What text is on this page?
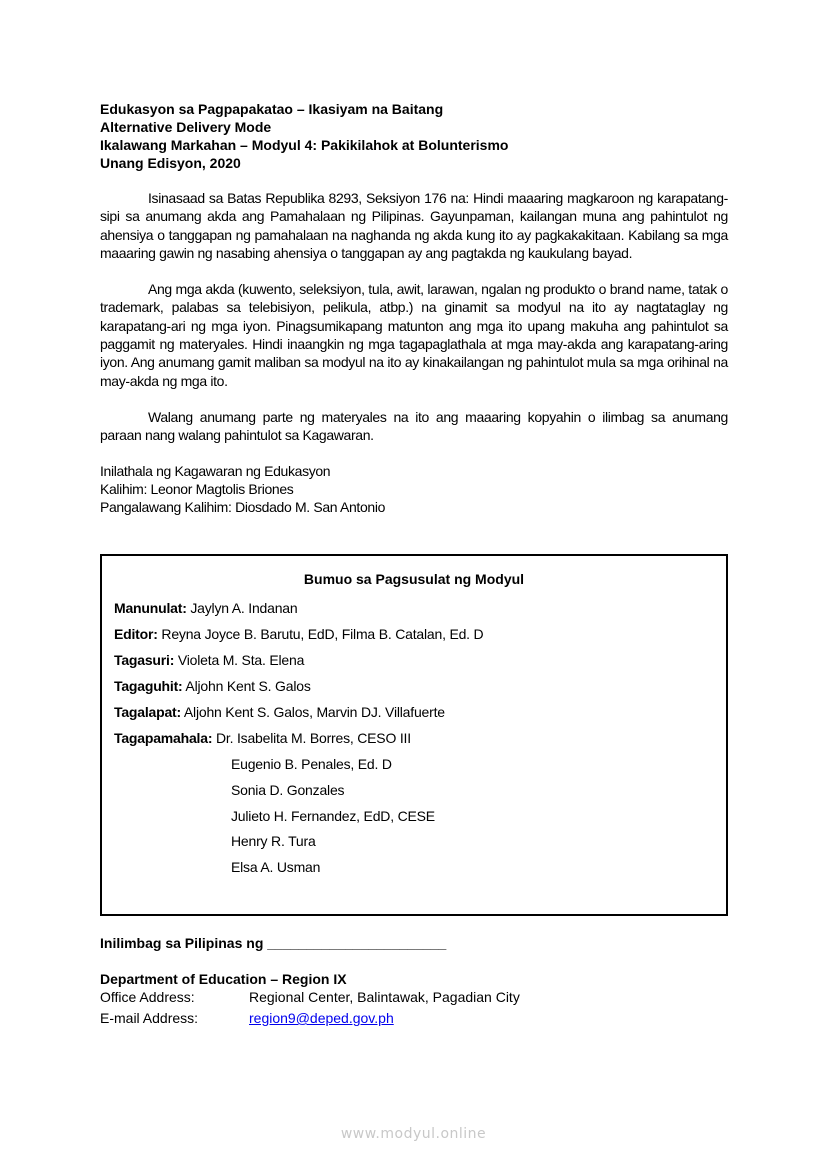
Edukasyon sa Pagpapakatao – Ikasiyam na Baitang
Alternative Delivery Mode
Ikalawang Markahan – Modyul 4: Pakikilahok at Bolunterismo
Unang Edisyon, 2020

Isinasaad sa Batas Republika 8293, Seksiyon 176 na: Hindi maaaring magkaroon ng karapatang-sipi sa anumang akda ang Pamahalaan ng Pilipinas. Gayunpaman, kailangan muna ang pahintulot ng ahensiya o tanggapan ng pamahalaan na naghanda ng akda kung ito ay pagkakakitaan. Kabilang sa mga maaaring gawin ng nasabing ahensiya o tanggapan ay ang pagtakda ng kaukulang bayad.

Ang mga akda (kuwento, seleksiyon, tula, awit, larawan, ngalan ng produkto o brand name, tatak o trademark, palabas sa telebisiyon, pelikula, atbp.) na ginamit sa modyul na ito ay nagtataglay ng karapatang-ari ng mga iyon. Pinagsumikapang matunton ang mga ito upang makuha ang pahintulot sa paggamit ng materyales. Hindi inaangkin ng mga tagapaglathala at mga may-akda ang karapatang-aring iyon. Ang anumang gamit maliban sa modyul na ito ay kinakailangan ng pahintulot mula sa mga orihinal na may-akda ng mga ito.

Walang anumang parte ng materyales na ito ang maaaring kopyahin o ilimbag sa anumang paraan nang walang pahintulot sa Kagawaran.

Inilathala ng Kagawaran ng Edukasyon
Kalihim: Leonor Magtolis Briones
Pangalawang Kalihim: Diosdado M. San Antonio
Bumuo sa Pagsusulat ng Modyul
Manunulat: Jaylyn A. Indanan
Editor: Reyna Joyce B. Barutu, EdD, Filma B. Catalan, Ed. D
Tagasuri: Violeta M. Sta. Elena
Tagaguhit: Aljohn Kent S. Galos
Tagalapat: Aljohn Kent S. Galos, Marvin DJ. Villafuerte
Tagapamahala: Dr. Isabelita M. Borres, CESO III
Eugenio B. Penales, Ed. D
Sonia D. Gonzales
Julieto H. Fernandez, EdD, CESE
Henry R. Tura
Elsa A. Usman
Inilimbag sa Pilipinas ng _______________________
Department of Education – Region IX
Office Address:	Regional Center, Balintawak, Pagadian City
E-mail Address:	region9@deped.gov.ph
www.modyul.online
